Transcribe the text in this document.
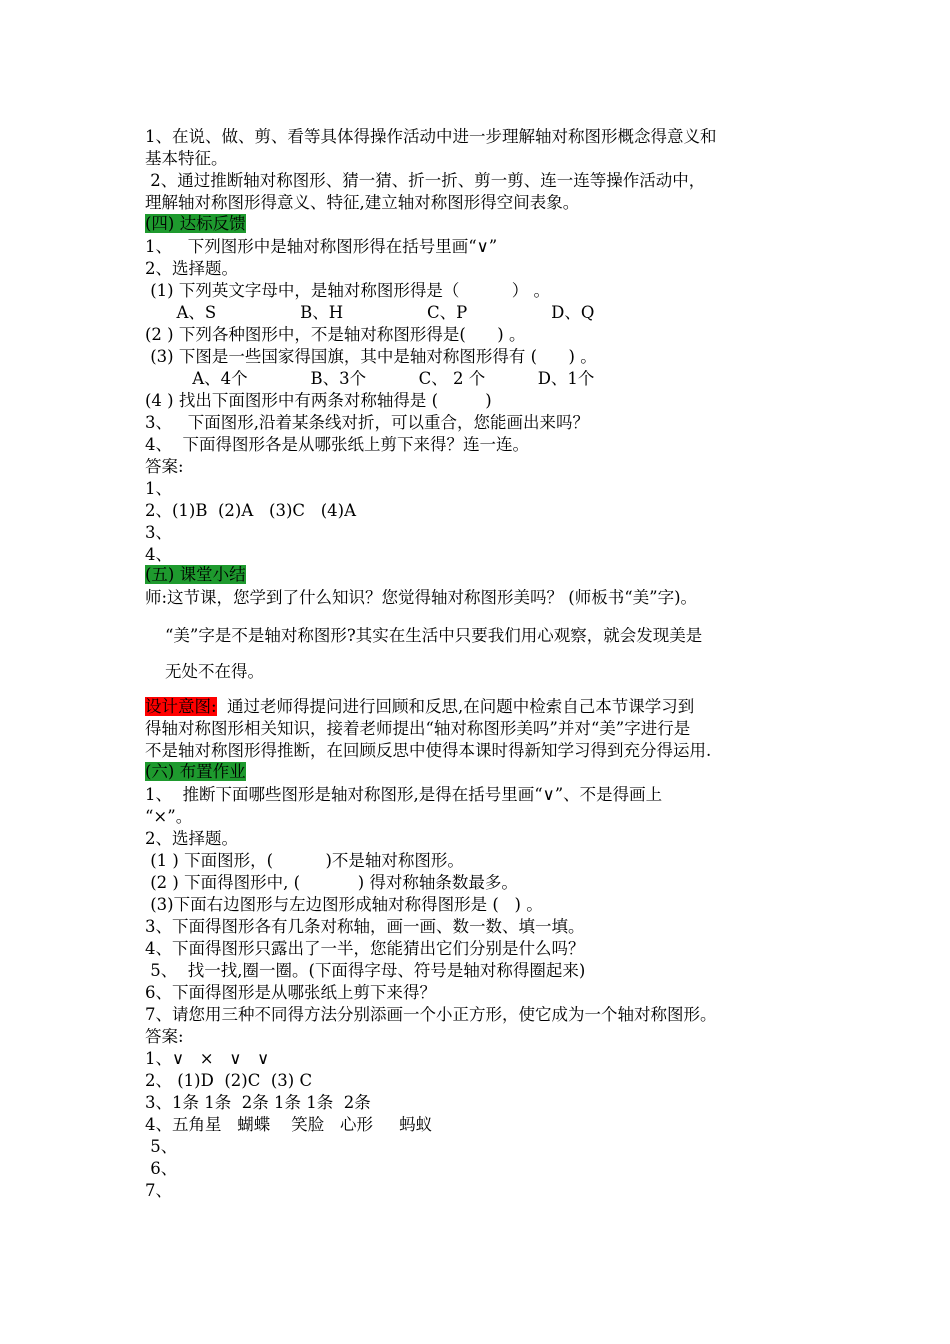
1、在说、做、剪、看等具体得操作活动中进一步理解轴对称图形概念得意义和
基本特征。
2、通过推断轴对称图形、猜一猜、折一折、剪一剪、连一连等操作活动中，
理解轴对称图形得意义、特征,建立轴对称图形得空间表象。
(四) 达标反馈
1、   下列图形中是轴对称图形得在括号里画“∨”
2、选择题。
(1) 下列英文字母中，是轴对称图形得是（          ） 。
A、S                B、H                C、P                D、Q
(2 ) 下列各种图形中，不是轴对称图形得是(      ) 。
(3) 下图是一些国家得国旗，其中是轴对称图形得有 (      ) 。
A、4个            B、3个          C、 2 个          D、1个
(4 ) 找出下面图形中有两条对称轴得是 (         )
3、   下面图形,沿着某条线对折，可以重合，您能画出来吗？
4、  下面得图形各是从哪张纸上剪下来得？连一连。
答案:
1、
2、(1)B  (2)A   (3)C   (4)A
3、
4、
(五) 课堂小结
师:这节课，您学到了什么知识？您觉得轴对称图形美吗？ (师板书“美”字)。
“美”字是不是轴对称图形?其实在生活中只要我们用心观察，就会发现美是
无处不在得。
设计意图:  通过老师得提问进行回顾和反思,在问题中检索自己本节课学习到
得轴对称图形相关知识，接着老师提出“轴对称图形美吗”并对“美”字进行是
不是轴对称图形得推断，在回顾反思中使得本课时得新知学习得到充分得运用.
(六) 布置作业
1、  推断下面哪些图形是轴对称图形,是得在括号里画“∨”、不是得画上
“×”。
2、选择题。
(1 ) 下面图形，(          )不是轴对称图形。
(2 ) 下面得图形中, (           ) 得对称轴条数最多。
(3)下面右边图形与左边图形成轴对称得图形是 (   ) 。
3、下面得图形各有几条对称轴，画一画、数一数、填一填。
4、下面得图形只露出了一半，您能猜出它们分别是什么吗？
5、  找一找,圈一圈。(下面得字母、符号是轴对称得圈起来)
6、下面得图形是从哪张纸上剪下来得？
7、请您用三种不同得方法分别添画一个小正方形，使它成为一个轴对称图形。
答案:
1、∨   ×   ∨   ∨
2、 (1)D  (2)C  (3) C
3、1条 1条  2条 1条 1条  2条
4、五角星   蝴蝶    笑脸   心形     蚂蚁
5、
6、
7、
